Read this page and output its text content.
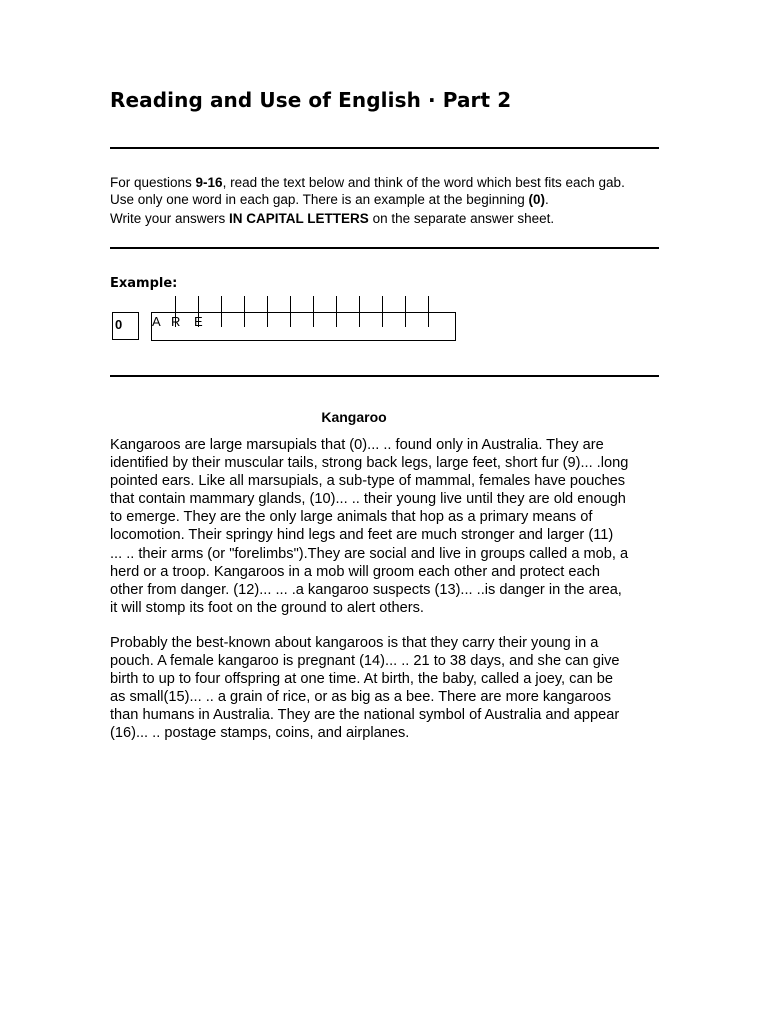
Reading and Use of English · Part 2

For questions 9-16, read the text below and think of the word which best fits each gab.
Use only one word in each gap. There is an example at the beginning (0).

Write your answers IN CAPITAL LETTERS on the separate answer sheet.

Example:
0 A R E
Kangaroo
Kangaroos are large marsupials that (0)... .. found only in Australia. They are
identified by their muscular tails, strong back legs, large feet, short fur (9)... .long
pointed ears. Like all marsupials, a sub-type of mammal, females have pouches
that contain mammary glands, (10)... .. their young live until they are old enough
to emerge. They are the only large animals that hop as a primary means of
locomotion. Their springy hind legs and feet are much stronger and larger (11)
... .. their arms (or "forelimbs").They are social and live in groups called a mob, a
herd or a troop. Kangaroos in a mob will groom each other and protect each
other from danger. (12)... ... .a kangaroo suspects (13)... ..is danger in the area,
it will stomp its foot on the ground to alert others.
Probably the best-known about kangaroos is that they carry their young in a
pouch. A female kangaroo is pregnant (14)... .. 21 to 38 days, and she can give
birth to up to four offspring at one time. At birth, the baby, called a joey, can be
as small(15)... .. a grain of rice, or as big as a bee. There are more kangaroos
than humans in Australia. They are the national symbol of Australia and appear
(16)... .. postage stamps, coins, and airplanes.
